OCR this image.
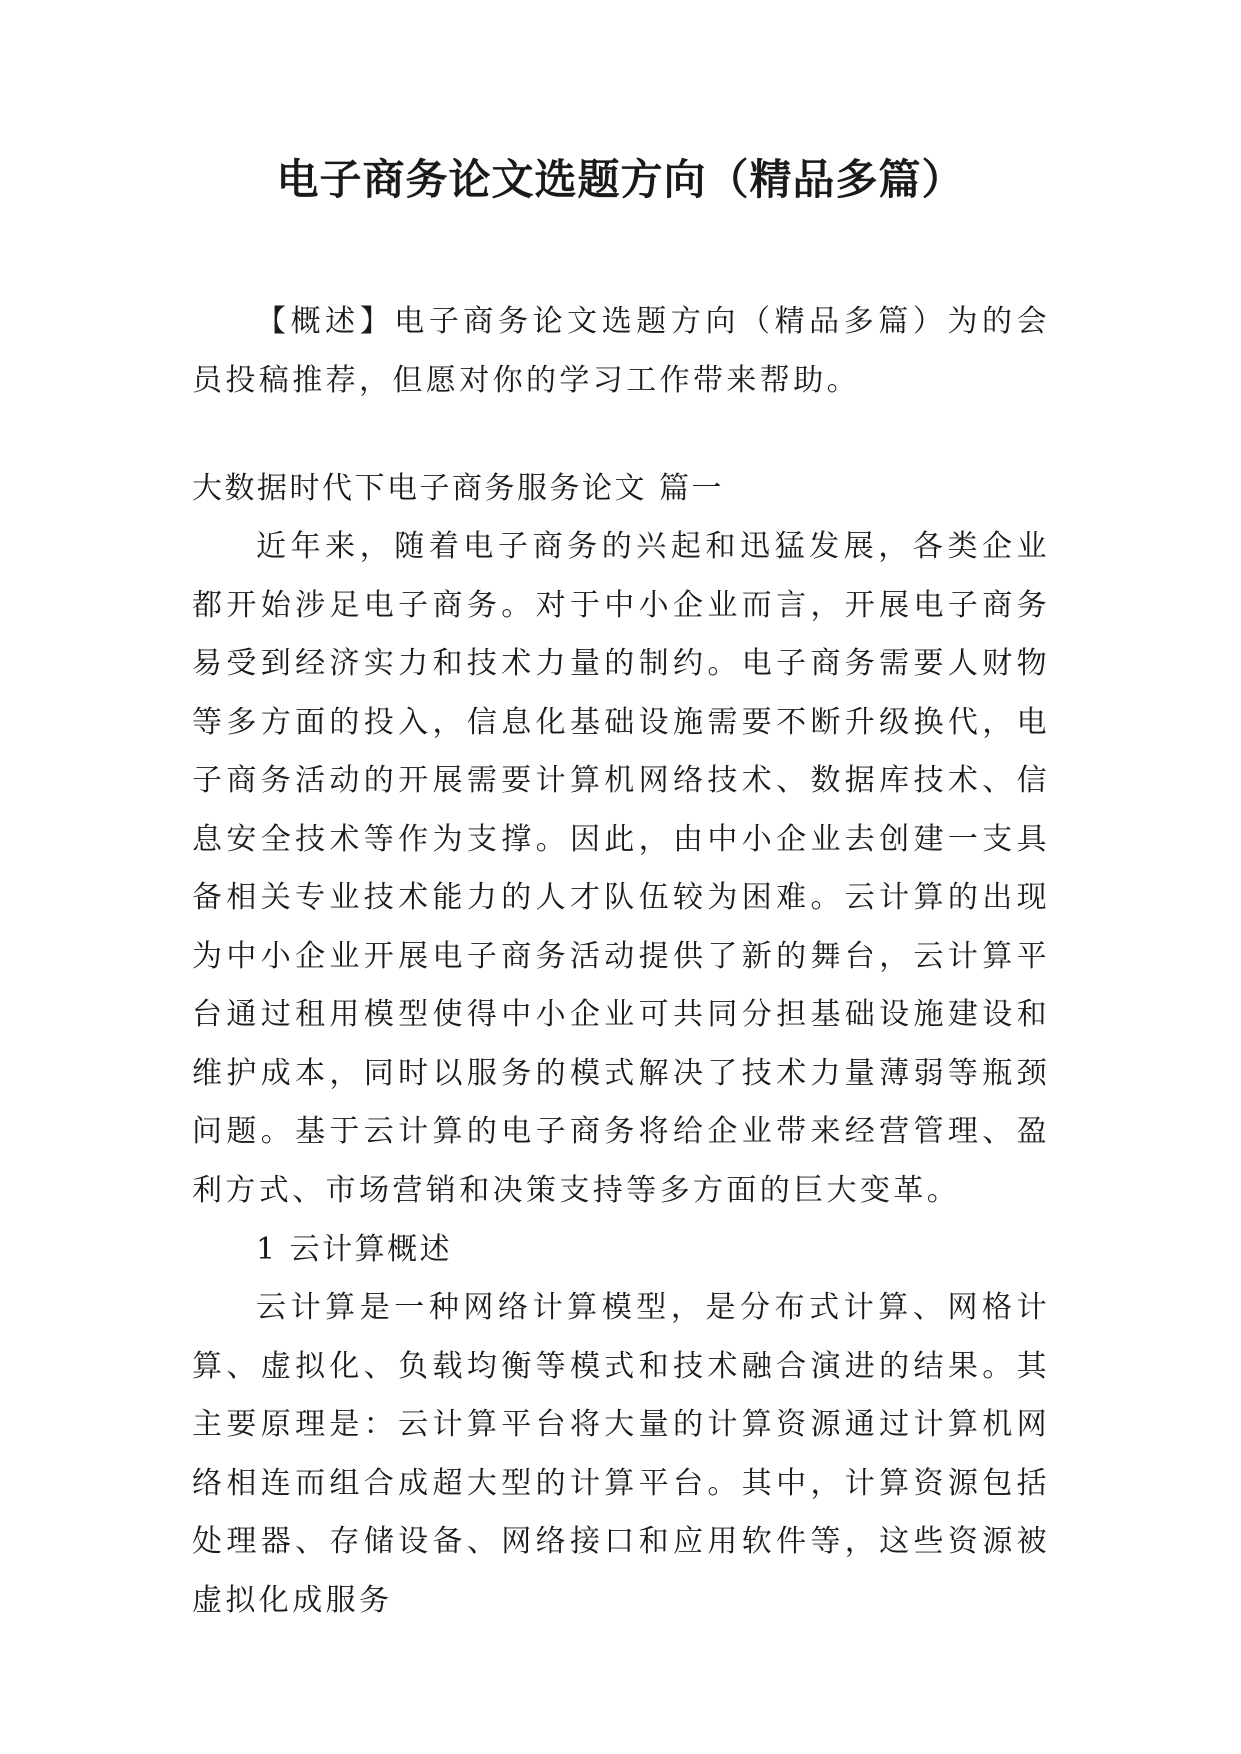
电子商务论文选题方向（精品多篇）

【概述】电子商务论文选题方向（精品多篇）为的会员投稿推荐，但愿对你的学习工作带来帮助。

大数据时代下电子商务服务论文 篇一

近年来，随着电子商务的兴起和迅猛发展，各类企业都开始涉足电子商务。对于中小企业而言，开展电子商务易受到经济实力和技术力量的制约。电子商务需要人财物等多方面的投入，信息化基础设施需要不断升级换代，电子商务活动的开展需要计算机网络技术、数据库技术、信息安全技术等作为支撑。因此，由中小企业去创建一支具备相关专业技术能力的人才队伍较为困难。云计算的出现为中小企业开展电子商务活动提供了新的舞台，云计算平台通过租用模型使得中小企业可共同分担基础设施建设和维护成本，同时以服务的模式解决了技术力量薄弱等瓶颈问题。基于云计算的电子商务将给企业带来经营管理、盈利方式、市场营销和决策支持等多方面的巨大变革。

1 云计算概述

云计算是一种网络计算模型，是分布式计算、网格计算、虚拟化、负载均衡等模式和技术融合演进的结果。其主要原理是：云计算平台将大量的计算资源通过计算机网络相连而组合成超大型的计算平台。其中，计算资源包括处理器、存储设备、网络接口和应用软件等，这些资源被虚拟化成服务
